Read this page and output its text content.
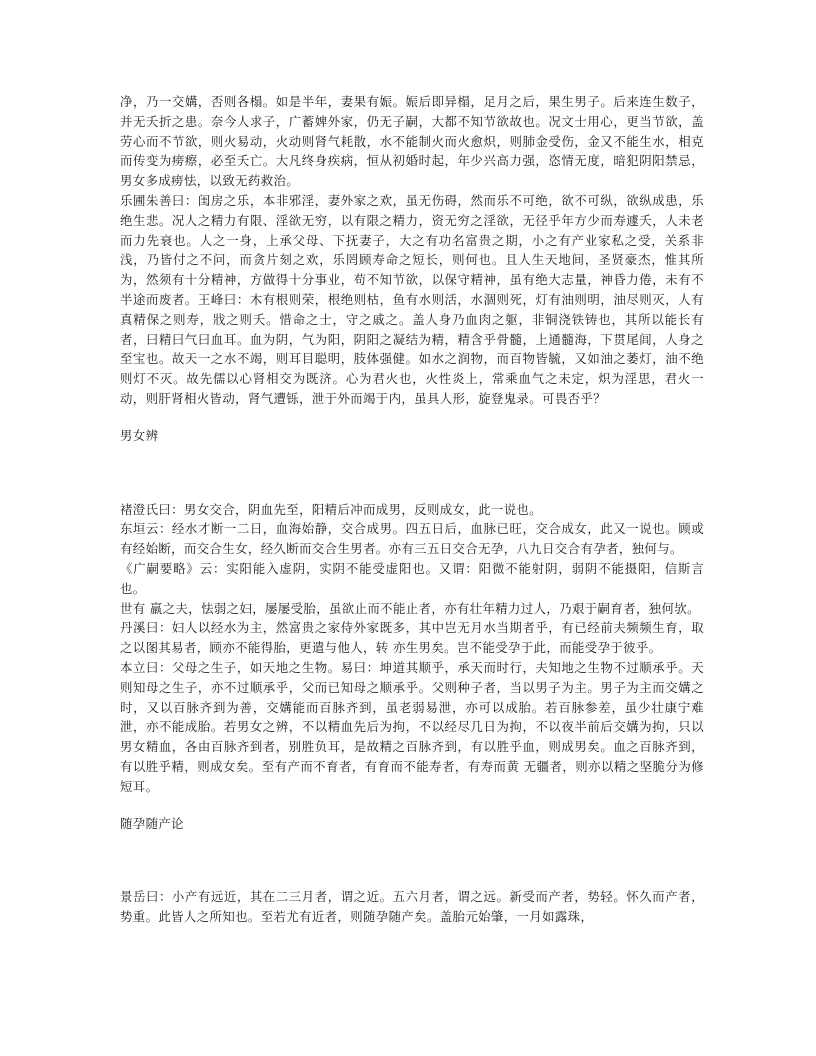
净，乃一交媾，否则各榻。如是半年，妻果有娠。娠后即异榻，足月之后，果生男子。后来连生数子，并无夭折之患。奈今人求子，广蓄婢外家，仍无子嗣，大都不知节欲故也。况文士用心，更当节欲，盖劳心而不节欲，则火易动，火动则肾气耗散，水不能制火而火愈炽，则肺金受伤，金又不能生水，相克而传变为痨瘵，必至夭亡。大凡终身疾病，恒从初婚时起，年少兴高力强，恣情无度，暗犯阴阳禁忌，男女多成痨怯，以致无药救治。

乐圃朱善曰：闺房之乐，本非邪淫，妻外家之欢，虽无伤碍，然而乐不可绝，欲不可纵，欲纵成患，乐绝生悲。况人之精力有限、淫欲无穷，以有限之精力，资无穷之淫欲，无径乎年方少而寿遽夭，人未老而力先衰也。人之一身，上承父母、下抚妻子，大之有功名富贵之期，小之有产业家私之受，关系非浅，乃皆付之不问，而贪片刻之欢，乐罔顾寿命之短长，则何也。且人生天地间，圣贤豪杰，惟其所为，然须有十分精神，方做得十分事业，苟不知节欲，以保守精神，虽有绝大志量，神昏力倦，未有不半途而废者。王峰曰：木有根则荣，根绝则枯，鱼有水则活，水涸则死，灯有油则明，油尽则灭，人有真精保之则寿，戕之则夭。惜命之士，守之戚之。盖人身乃血肉之躯，非铜浇铁铸也，其所以能长有者，曰精曰气曰血耳。血为阴，气为阳，阴阳之凝结为精，精含乎骨髓，上通髓海，下贯尾闾，人身之至宝也。故天一之水不竭，则耳目聪明，肢体强健。如水之润物，而百物皆毓，又如油之萎灯，油不绝则灯不灭。故先儒以心肾相交为既济。心为君火也，火性炎上，常乘血气之未定，炽为淫思，君火一动，则肝肾相火皆动，肾气遭铄，泄于外而竭于内，虽具人形，旋登鬼录。可畏否乎？

男女辨

褚澄氏曰：男女交合，阴血先至，阳精后冲而成男，反则成女，此一说也。

东垣云：经水才断一二日，血海始静，交合成男。四五日后，血脉已旺，交合成女，此又一说也。顾或有经始断，而交合生女，经久断而交合生男者。亦有三五日交合无孕，八九日交合有孕者，独何与。

《广嗣要略》云：实阳能入虚阴，实阴不能受虚阳也。又谓：阳微不能射阴，弱阴不能摄阳，信斯言也。

世有 羸之夫，怯弱之妇，屡屡受胎，虽欲止而不能止者，亦有壮年精力过人，乃艰于嗣育者，独何欤。

丹溪曰：妇人以经水为主，然富贵之家侍外家既多，其中岂无月水当期者乎，有已经前夫频频生育，取之以图其易者，顾亦不能得胎，更遣与他人，转 亦生男矣。岂不能受孕于此，而能受孕于彼乎。

本立曰：父母之生子，如天地之生物。易曰：坤道其顺乎，承天而时行，夫知地之生物不过顺承乎。天则知母之生子，亦不过顺承乎，父而已知母之顺承乎。父则种子者，当以男子为主。男子为主而交媾之时，又以百脉齐到为善，交媾能而百脉齐到，虽老弱易泄，亦可以成胎。若百脉参差，虽少壮康宁难泄，亦不能成胎。若男女之辨，不以精血先后为拘，不以经尽几日为拘，不以夜半前后交媾为拘，只以男女精血，各由百脉齐到者，别胜负耳，是故精之百脉齐到，有以胜乎血，则成男矣。血之百脉齐到，有以胜乎精，则成女矣。至有产而不育者，有育而不能寿者，有寿而黄 无疆者，则亦以精之坚脆分为修短耳。

随孕随产论

景岳曰：小产有远近，其在二三月者，谓之近。五六月者，谓之远。新受而产者，势轻。怀久而产者，势重。此皆人之所知也。至若尤有近者，则随孕随产矣。盖胎元始肇，一月如露珠，
